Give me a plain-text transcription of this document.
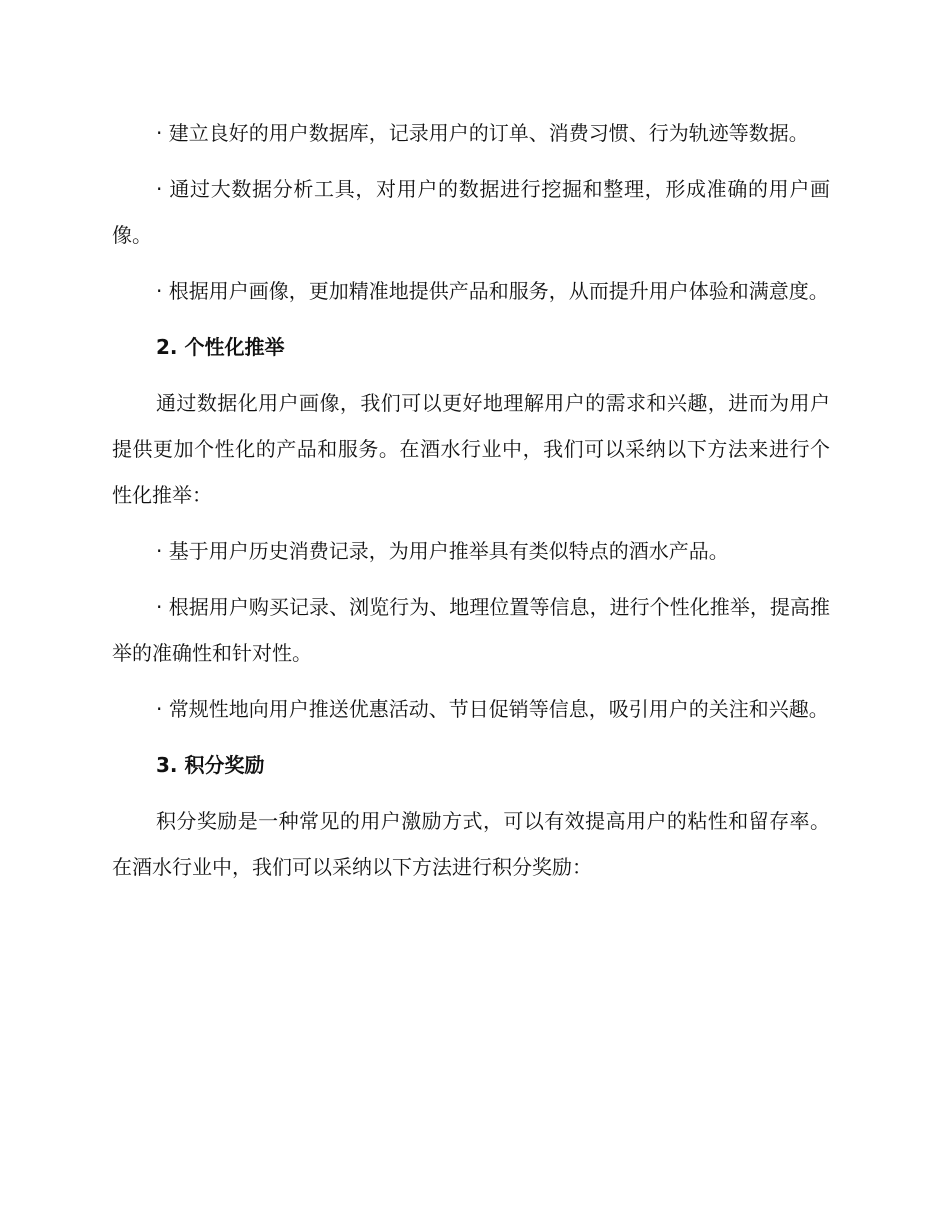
· 建立良好的用户数据库，记录用户的订单、消费习惯、行为轨迹等数据。

· 通过大数据分析工具，对用户的数据进行挖掘和整理，形成准确的用户画像。

· 根据用户画像，更加精准地提供产品和服务，从而提升用户体验和满意度。

2. 个性化推举

通过数据化用户画像，我们可以更好地理解用户的需求和兴趣，进而为用户提供更加个性化的产品和服务。在酒水行业中，我们可以采纳以下方法来进行个性化推举：

· 基于用户历史消费记录，为用户推举具有类似特点的酒水产品。

· 根据用户购买记录、浏览行为、地理位置等信息，进行个性化推举，提高推举的准确性和针对性。

· 常规性地向用户推送优惠活动、节日促销等信息，吸引用户的关注和兴趣。

3. 积分奖励

积分奖励是一种常见的用户激励方式，可以有效提高用户的粘性和留存率。在酒水行业中，我们可以采纳以下方法进行积分奖励：
